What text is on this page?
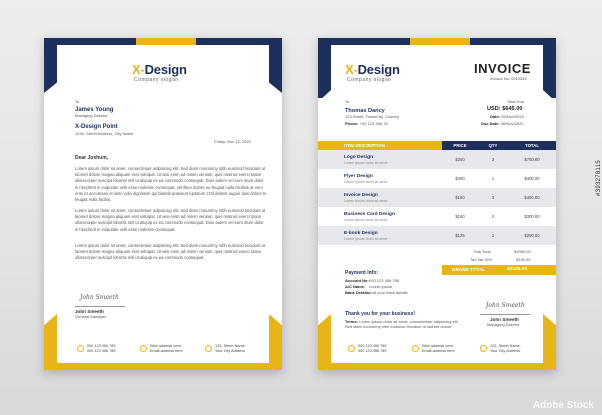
X-Design
Company slogan
To
James Young
Managing Director
X-Design Point
1234, Street Address, City Name
Friday, Nov 13, 2020
Dear Joshum,
Lorem ipsum dolor sit amet, consectetuer adipiscing elit. Sed diam nonummy nibh euismod tincidunt ut
laoreet dolore magna aliquam erat volutpat. Ut wisi enim ad minim veniam, quis nostrud exerci tation
ullamcorper suscipit lobortis nisl ut aliquip ex ea commodo consequat. Duis autem vel eum iriure dolor
in hendrerit in vulputate velit esse molestie consequat, vel illum dolore eu feugiat nulla facilisis at vero
eros et accumsan et iusto odio dignissim qui blandit praesent luptatum zzril delenit augue duis dolore te
feugait nulla facilisi.
Lorem ipsum dolor sit amet, consectetuer adipiscing elit. Sed diam nonummy nibh euismod tincidunt ut
laoreet dolore magna aliquam erat volutpat. Ut wisi enim ad minim veniam, quis nostrud exerci tation
ullamcorper suscipit lobortis nisl ut aliquip ex ea commodo consequat. Duis autem vel eum iriure dolor
in hendrerit in vulputate velit esse molestie consequat.
Lorem ipsum dolor sit amet, consectetuer adipiscing elit. Sed diam nonummy nibh euismod tincidunt ut
laoreet dolore magna aliquam erat volutpat. Ut wisi enim ad minim veniam, quis nostrud exerci tation
ullamcorper suscipit lobortis nisl ut aliquip ex ea commodo consequat.
John Smeeth
John Smeeth
General Manager
000 123 456 789
000 123 456 789
Web address here
Email address here
123, Street Name,
Your City Address
X-Design
Company slogan
INVOICE
Invoice No: 0012345
To
Thomas Dancy
123 Street, Town/City, Country
Phone: +00 123 456 78
Total Due:
USD: $645.00
Date: 25/Nov/2020
Due Date: 30/Nov/2020
ITEM DESCRIPTION	PRICE	QTY	TOTAL
Logo Design
Lorem ipsum dolor sit amet
$250	3	$750.00
Flyer Design
Lorem ipsum dolor sit amet
$400	1	$400.00
Invoice Design
Lorem ipsum dolor sit amet
$150	3	$450.00
Business Card Design
Lorem ipsum dolor sit amet
$150	2	$300.00
E-book Design
Lorem ipsum dolor sit amet
$125	2	$250.00
Sub Total	$1950.00
Tax Vat 15%	$195.00
GRAND TOTAL	$2145.00
Payment Info:
Account No:000 123 456 789
A/C Name: Lorem ipsum
Bank Details:Add your bank details
Thank you for your business!
Terms: Lorem ipsum dolor sit amet, consectetuer adipiscing elit.
Sed diam nonummy nibh euismod tincidunt ut laoreet dolore.
John Smeeth
John Smeeth
Managing Director
000 123 456 789
000 123 456 789
Web address here
Email address here
123, Street Name,
Your City Address
Adobe Stock
#393278115
